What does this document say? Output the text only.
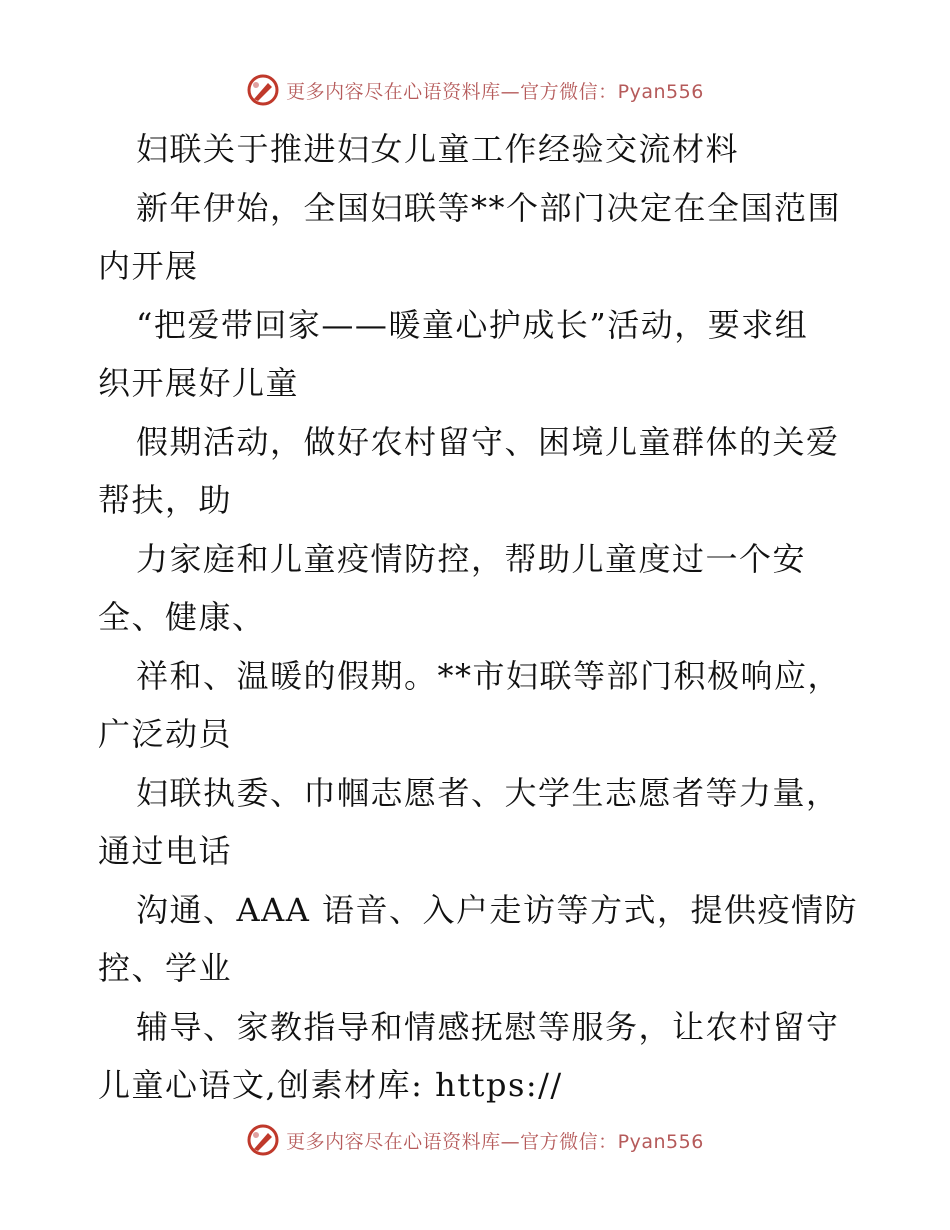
更多内容尽在心语资料库—官方微信：Pyan556
妇联关于推进妇女儿童工作经验交流材料
新年伊始，全国妇联等**个部门决定在全国范围
内开展
“把爱带回家——暖童心护成长”活动，要求组
织开展好儿童
假期活动，做好农村留守、困境儿童群体的关爱
帮扶，助
力家庭和儿童疫情防控，帮助儿童度过一个安
全、健康、
祥和、温暖的假期。**市妇联等部门积极响应，
广泛动员
妇联执委、巾帼志愿者、大学生志愿者等力量，
通过电话
沟通、AAA 语音、入户走访等方式，提供疫情防
控、学业
辅导、家教指导和情感抚慰等服务，让农村留守
儿童心语文,创素材库: https://
更多内容尽在心语资料库—官方微信：Pyan556
